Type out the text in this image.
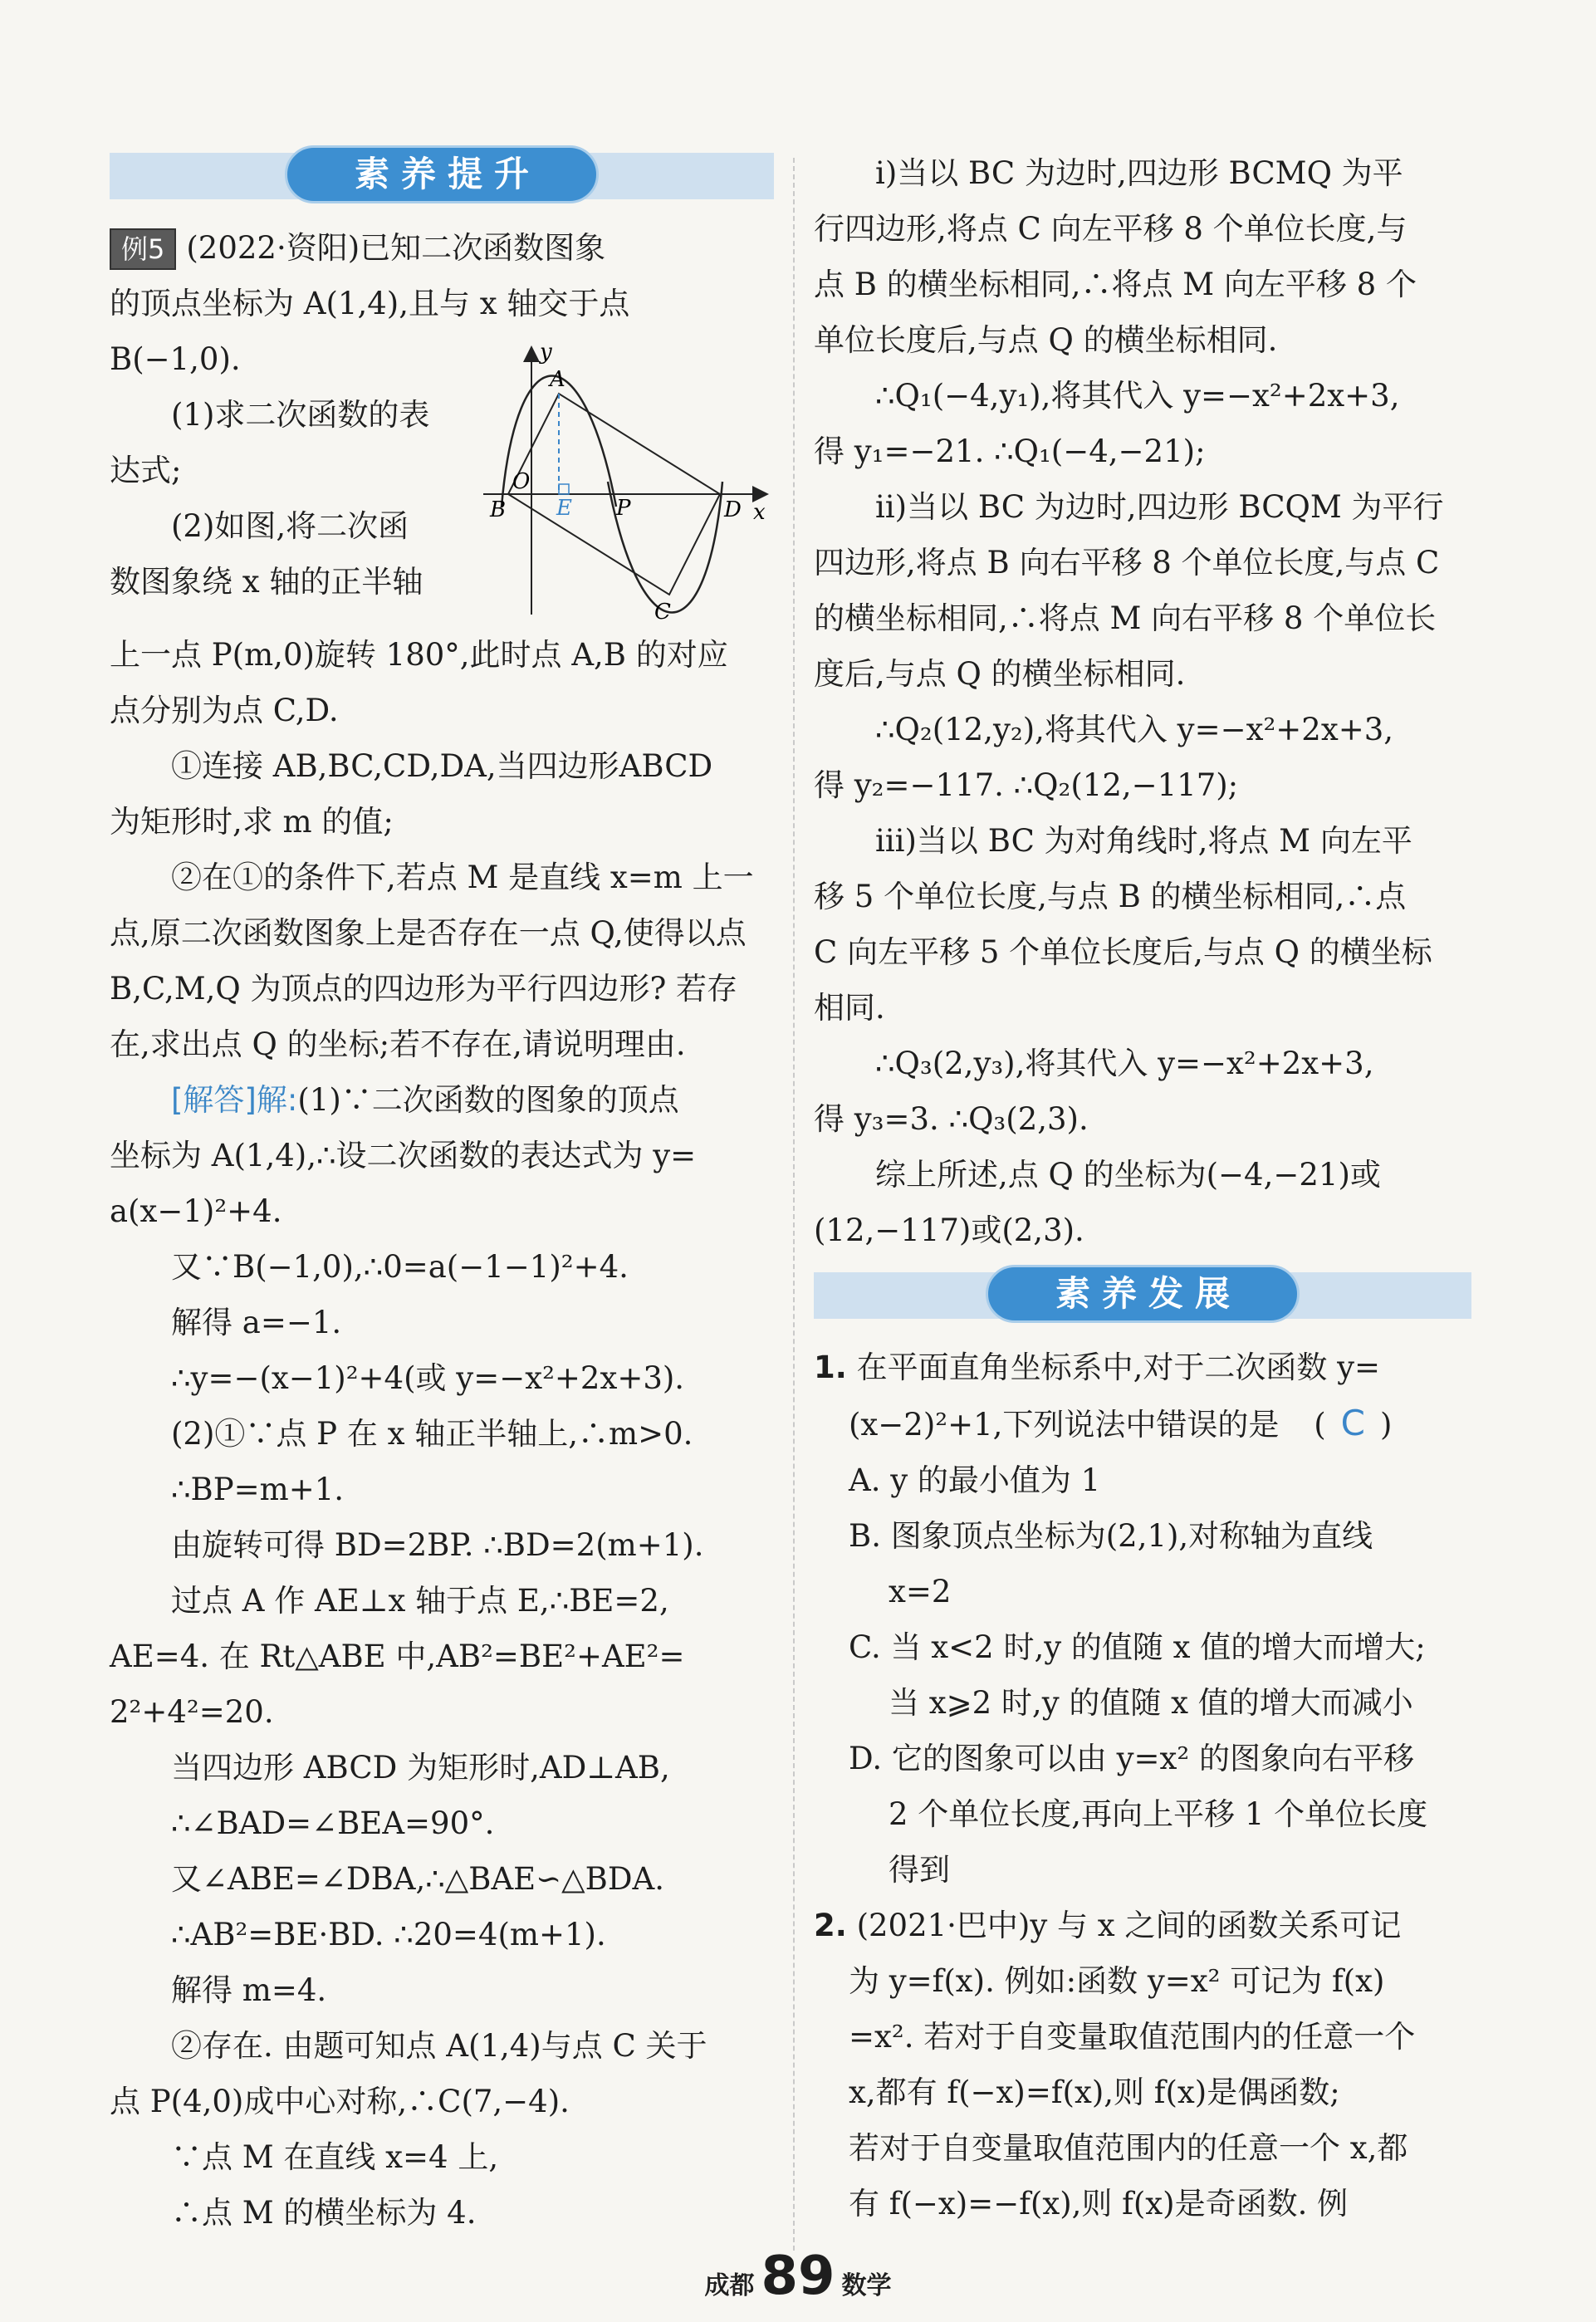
素养提升

例5 (2022·资阳)已知二次函数图象

的顶点坐标为 A(1,4),且与 x 轴交于点

B(−1,0).

(1)求二次函数的表

达式;

(2)如图,将二次函

数图象绕 x 轴的正半轴

y
x
A
O
B E P	D
C

上一点 P(m,0)旋转 180°,此时点 A,B 的对应

点分别为点 C,D.

①连接 AB,BC,CD,DA,当四边形ABCD

为矩形时,求 m 的值;

②在①的条件下,若点 M 是直线 x=m 上一

点,原二次函数图象上是否存在一点 Q,使得以点

B,C,M,Q 为顶点的四边形为平行四边形? 若存

在,求出点 Q 的坐标;若不存在,请说明理由.

[解答]解:(1)∵二次函数的图象的顶点

坐标为 A(1,4),∴设二次函数的表达式为 y=

a(x−1)²+4.

又∵B(−1,0),∴0=a(−1−1)²+4.

解得 a=−1.

∴y=−(x−1)²+4(或 y=−x²+2x+3).

(2)①∵点 P 在 x 轴正半轴上,∴m>0.

∴BP=m+1.

由旋转可得 BD=2BP. ∴BD=2(m+1).

过点 A 作 AE⊥x 轴于点 E,∴BE=2,

AE=4. 在 Rt△ABE 中,AB²=BE²+AE²=

2²+4²=20.

当四边形 ABCD 为矩形时,AD⊥AB,

∴∠BAD=∠BEA=90°.

又∠ABE=∠DBA,∴△BAE∽△BDA.

∴AB²=BE·BD. ∴20=4(m+1).

解得 m=4.

②存在. 由题可知点 A(1,4)与点 C 关于

点 P(4,0)成中心对称,∴C(7,−4).

∵点 M 在直线 x=4 上,

∴点 M 的横坐标为 4.

ⅰ)当以 BC 为边时,四边形 BCMQ 为平

行四边形,将点 C 向左平移 8 个单位长度,与

点 B 的横坐标相同,∴将点 M 向左平移 8 个

单位长度后,与点 Q 的横坐标相同.

∴Q₁(−4,y₁),将其代入 y=−x²+2x+3,

得 y₁=−21. ∴Q₁(−4,−21);

ⅱ)当以 BC 为边时,四边形 BCQM 为平行

四边形,将点 B 向右平移 8 个单位长度,与点 C

的横坐标相同,∴将点 M 向右平移 8 个单位长

度后,与点 Q 的横坐标相同.

∴Q₂(12,y₂),将其代入 y=−x²+2x+3,

得 y₂=−117. ∴Q₂(12,−117);

ⅲ)当以 BC 为对角线时,将点 M 向左平

移 5 个单位长度,与点 B 的横坐标相同,∴点

C 向左平移 5 个单位长度后,与点 Q 的横坐标

相同.

∴Q₃(2,y₃),将其代入 y=−x²+2x+3,

得 y₃=3. ∴Q₃(2,3).

综上所述,点 Q 的坐标为(−4,−21)或

(12,−117)或(2,3).

素养发展

1. 在平面直角坐标系中,对于二次函数 y=

(x−2)²+1,下列说法中错误的是 ( C )

A. y 的最小值为 1

B. 图象顶点坐标为(2,1),对称轴为直线

x=2

C. 当 x<2 时,y 的值随 x 值的增大而增大;

当 x⩾2 时,y 的值随 x 值的增大而减小

D. 它的图象可以由 y=x² 的图象向右平移

2 个单位长度,再向上平移 1 个单位长度

得到

2. (2021·巴中)y 与 x 之间的函数关系可记

为 y=f(x). 例如:函数 y=x² 可记为 f(x)

=x². 若对于自变量取值范围内的任意一个

x,都有 f(−x)=f(x),则 f(x)是偶函数;

若对于自变量取值范围内的任意一个 x,都

有 f(−x)=−f(x),则 f(x)是奇函数. 例

成都 89 数学
